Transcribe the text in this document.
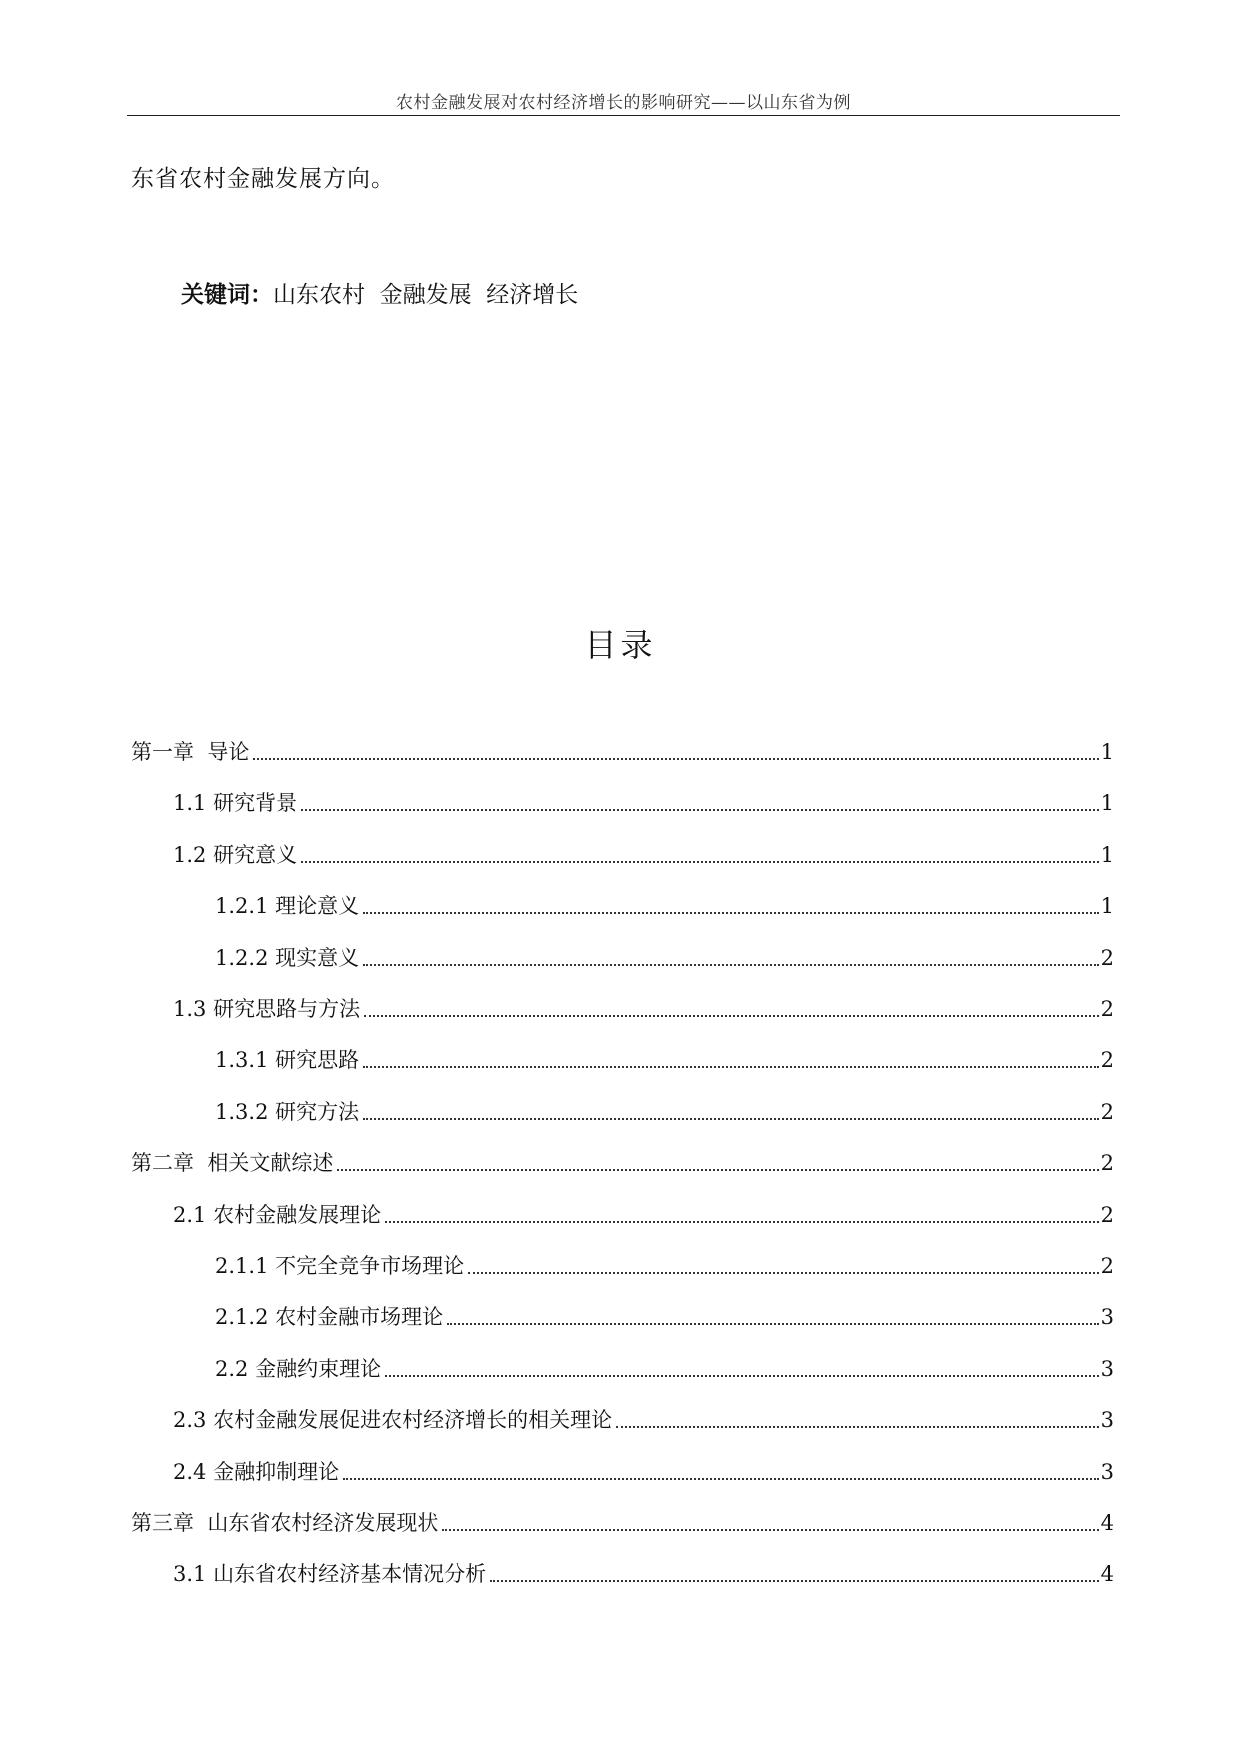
农村金融发展对农村经济增长的影响研究——以山东省为例
东省农村金融发展方向。
关键词：山东农村  金融发展  经济增长
目录
第一章  导论	1
1.1 研究背景	1
1.2 研究意义	1
1.2.1 理论意义	1
1.2.2 现实意义	2
1.3 研究思路与方法	2
1.3.1 研究思路	2
1.3.2 研究方法	2
第二章  相关文献综述	2
2.1 农村金融发展理论	2
2.1.1 不完全竞争市场理论	2
2.1.2 农村金融市场理论	3
2.2 金融约束理论	3
2.3 农村金融发展促进农村经济增长的相关理论	3
2.4 金融抑制理论	3
第三章  山东省农村经济发展现状	4
3.1 山东省农村经济基本情况分析	4
